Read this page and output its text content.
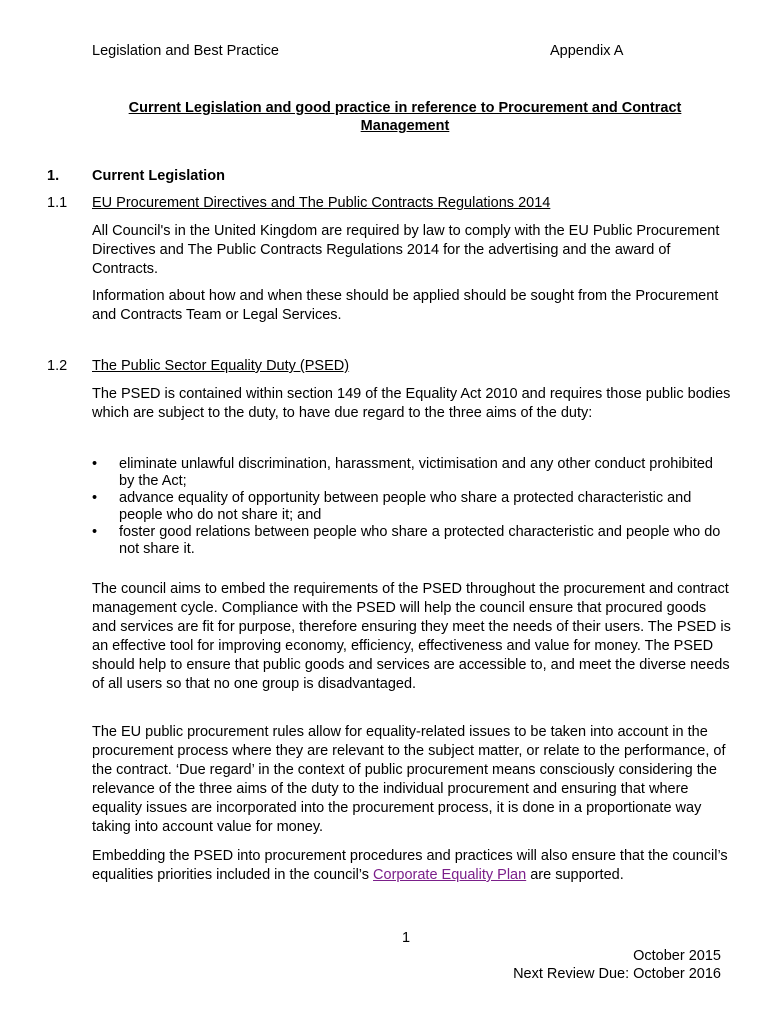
Legislation and Best Practice	Appendix A

Current Legislation and good practice in reference to Procurement and Contract Management

1. Current Legislation

1.1 EU Procurement Directives and The Public Contracts Regulations 2014

All Council's in the United Kingdom are required by law to comply with the EU Public Procurement Directives and The Public Contracts Regulations 2014 for the advertising and the award of Contracts.

Information about how and when these should be applied should be sought from the Procurement and Contracts Team or Legal Services.

1.2 The Public Sector Equality Duty (PSED)

The PSED is contained within section 149 of the Equality Act 2010 and requires those public bodies which are subject to the duty, to have due regard to the three aims of the duty:

• eliminate unlawful discrimination, harassment, victimisation and any other conduct prohibited by the Act;
• advance equality of opportunity between people who share a protected characteristic and people who do not share it; and
• foster good relations between people who share a protected characteristic and people who do not share it.

The council aims to embed the requirements of the PSED throughout the procurement and contract management cycle. Compliance with the PSED will help the council ensure that procured goods and services are fit for purpose, therefore ensuring they meet the needs of their users. The PSED is an effective tool for improving economy, efficiency, effectiveness and value for money. The PSED should help to ensure that public goods and services are accessible to, and meet the diverse needs of all users so that no one group is disadvantaged.

The EU public procurement rules allow for equality-related issues to be taken into account in the procurement process where they are relevant to the subject matter, or relate to the performance, of the contract. ‘Due regard’ in the context of public procurement means consciously considering the relevance of the three aims of the duty to the individual procurement and ensuring that where equality issues are incorporated into the procurement process, it is done in a proportionate way taking into account value for money.

Embedding the PSED into procurement procedures and practices will also ensure that the council’s equalities priorities included in the council’s Corporate Equality Plan are supported.

1

October 2015

Next Review Due: October 2016
